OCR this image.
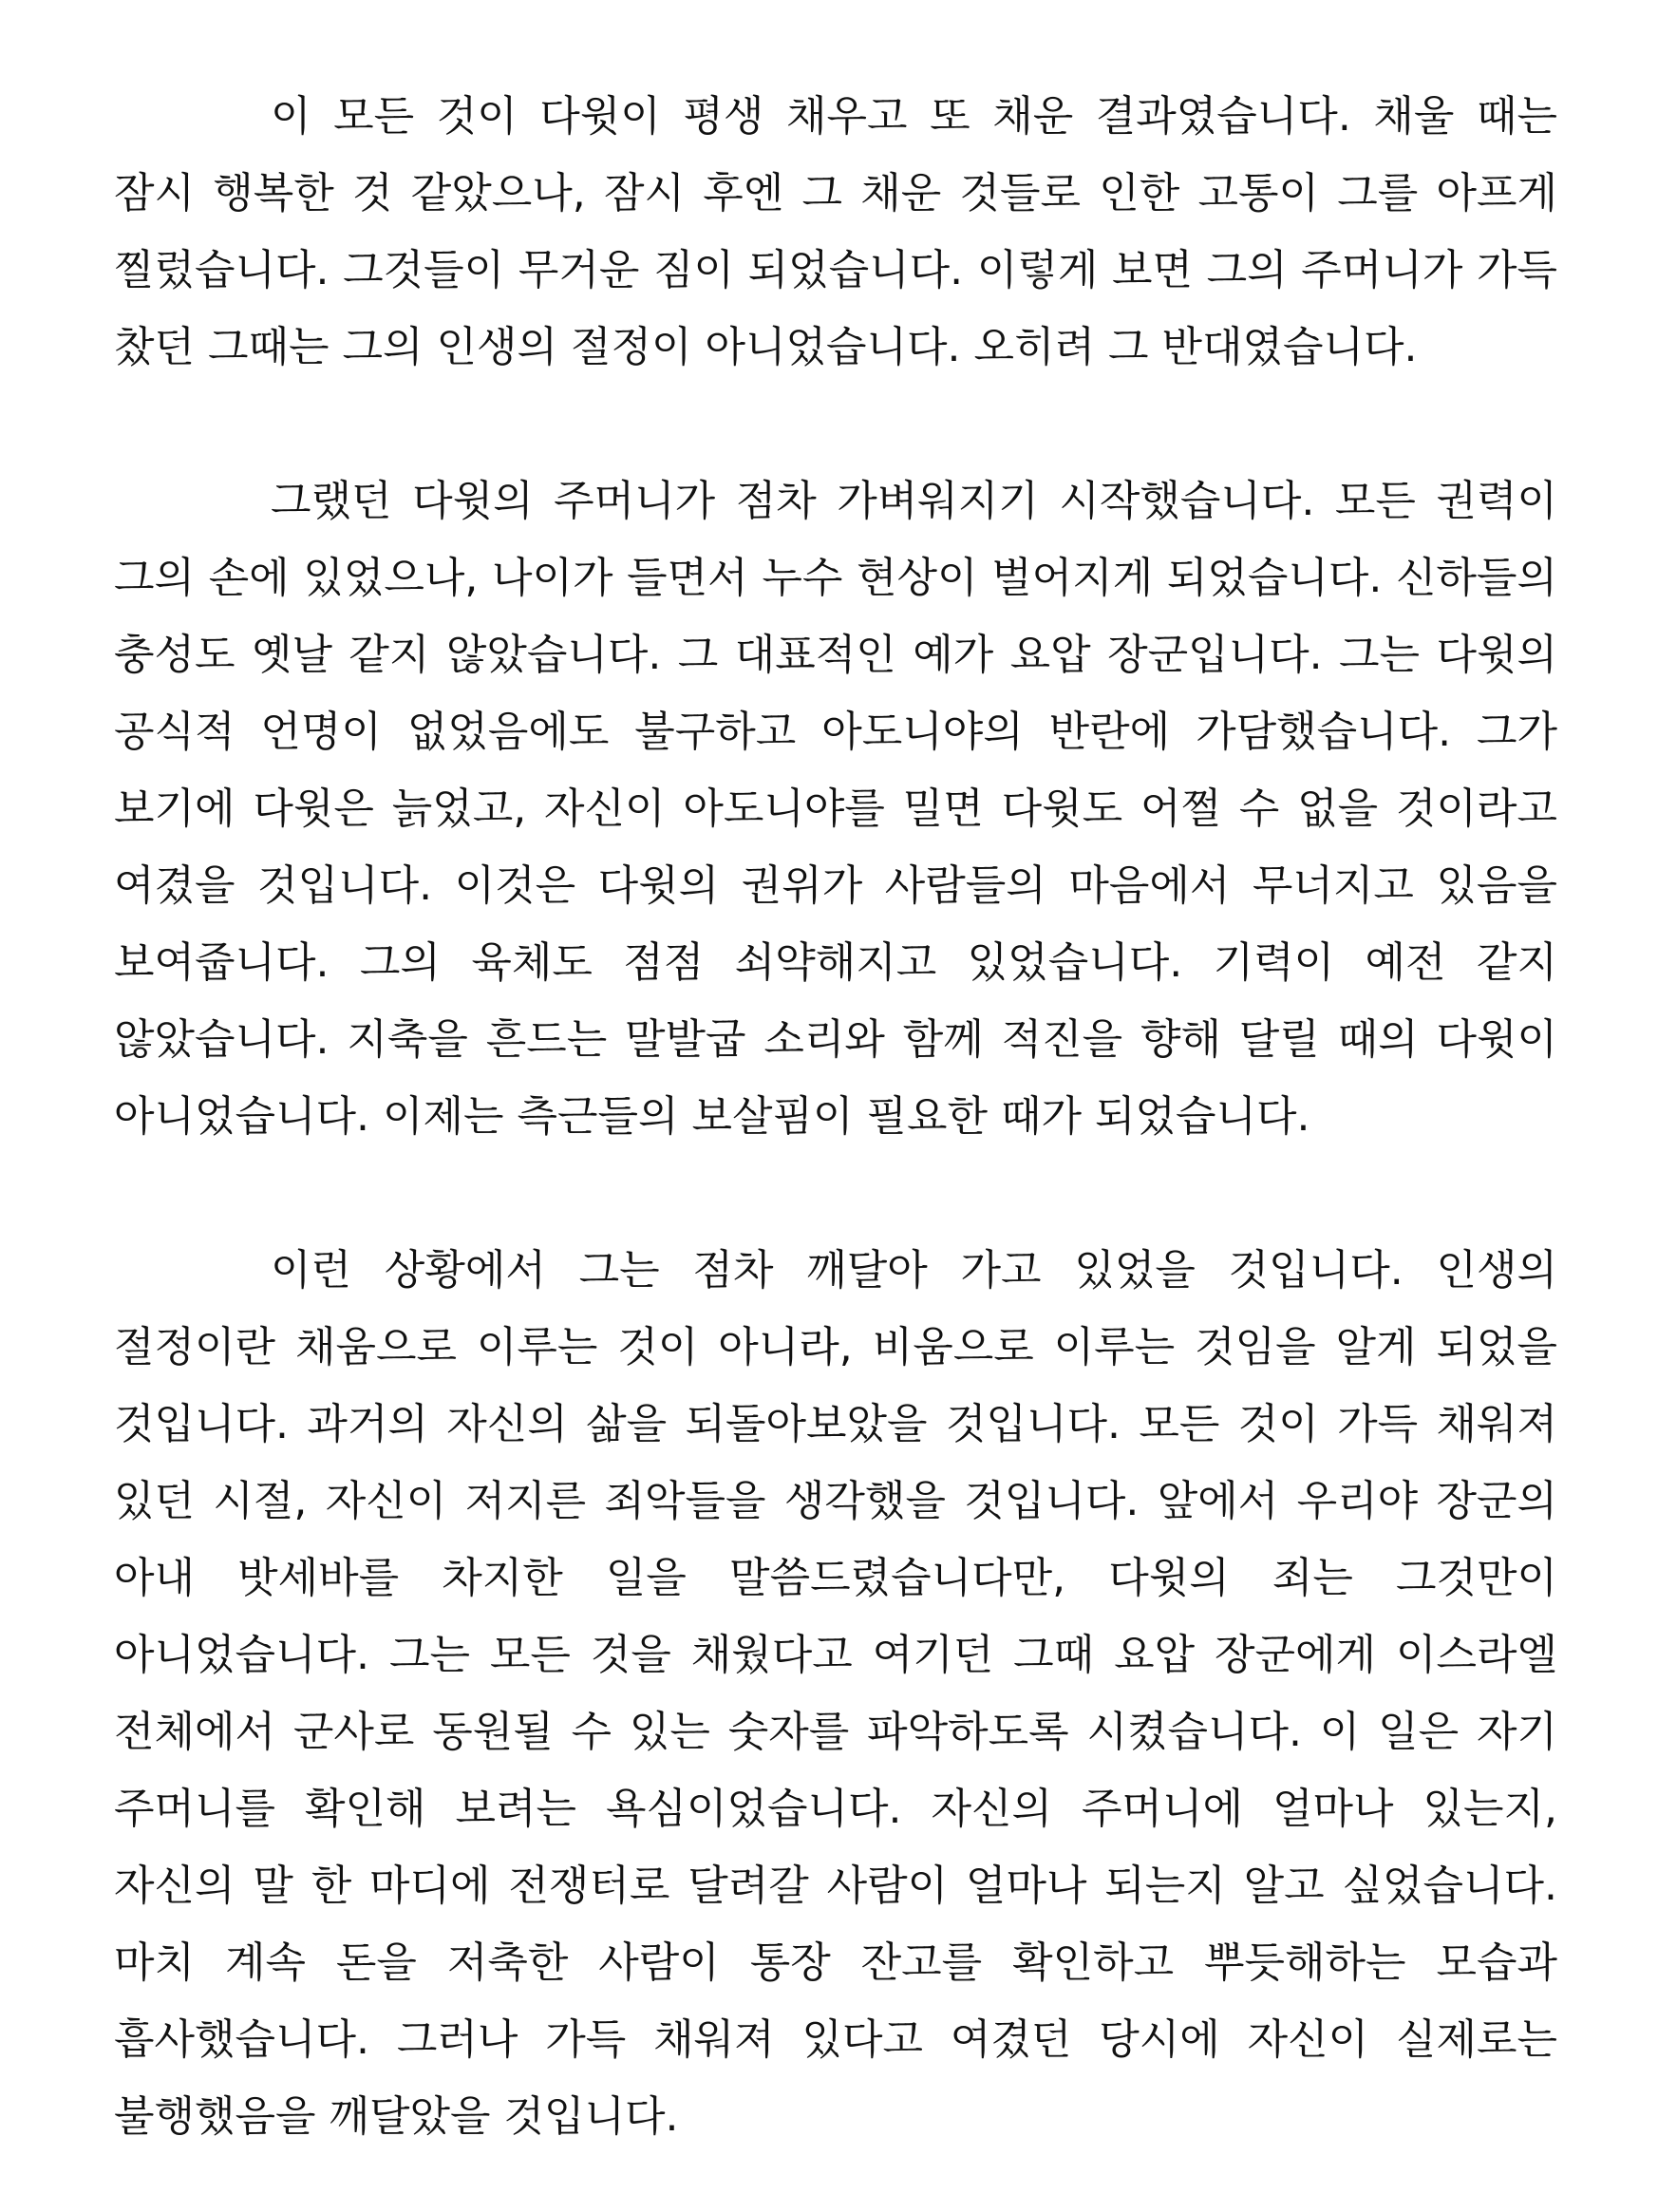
이 모든 것이 다윗이 평생 채우고 또 채운 결과였습니다. 채울 때는 잠시 행복한 것 같았으나, 잠시 후엔 그 채운 것들로 인한 고통이 그를 아프게 찔렀습니다. 그것들이 무거운 짐이 되었습니다. 이렇게 보면 그의 주머니가 가득 찼던 그때는 그의 인생의 절정이 아니었습니다. 오히려 그 반대였습니다.

그랬던 다윗의 주머니가 점차 가벼워지기 시작했습니다. 모든 권력이 그의 손에 있었으나, 나이가 들면서 누수 현상이 벌어지게 되었습니다. 신하들의 충성도 옛날 같지 않았습니다. 그 대표적인 예가 요압 장군입니다. 그는 다윗의 공식적 언명이 없었음에도 불구하고 아도니야의 반란에 가담했습니다. 그가 보기에 다윗은 늙었고, 자신이 아도니야를 밀면 다윗도 어쩔 수 없을 것이라고 여겼을 것입니다. 이것은 다윗의 권위가 사람들의 마음에서 무너지고 있음을 보여줍니다. 그의 육체도 점점 쇠약해지고 있었습니다. 기력이 예전 같지 않았습니다. 지축을 흔드는 말발굽 소리와 함께 적진을 향해 달릴 때의 다윗이 아니었습니다. 이제는 측근들의 보살핌이 필요한 때가 되었습니다.

이런 상황에서 그는 점차 깨달아 가고 있었을 것입니다. 인생의 절정이란 채움으로 이루는 것이 아니라, 비움으로 이루는 것임을 알게 되었을 것입니다. 과거의 자신의 삶을 되돌아보았을 것입니다. 모든 것이 가득 채워져 있던 시절, 자신이 저지른 죄악들을 생각했을 것입니다. 앞에서 우리야 장군의 아내 밧세바를 차지한 일을 말씀드렸습니다만, 다윗의 죄는 그것만이 아니었습니다. 그는 모든 것을 채웠다고 여기던 그때 요압 장군에게 이스라엘 전체에서 군사로 동원될 수 있는 숫자를 파악하도록 시켰습니다. 이 일은 자기 주머니를 확인해 보려는 욕심이었습니다. 자신의 주머니에 얼마나 있는지, 자신의 말 한 마디에 전쟁터로 달려갈 사람이 얼마나 되는지 알고 싶었습니다. 마치 계속 돈을 저축한 사람이 통장 잔고를 확인하고 뿌듯해하는 모습과 흡사했습니다. 그러나 가득 채워져 있다고 여겼던 당시에 자신이 실제로는 불행했음을 깨달았을 것입니다.
